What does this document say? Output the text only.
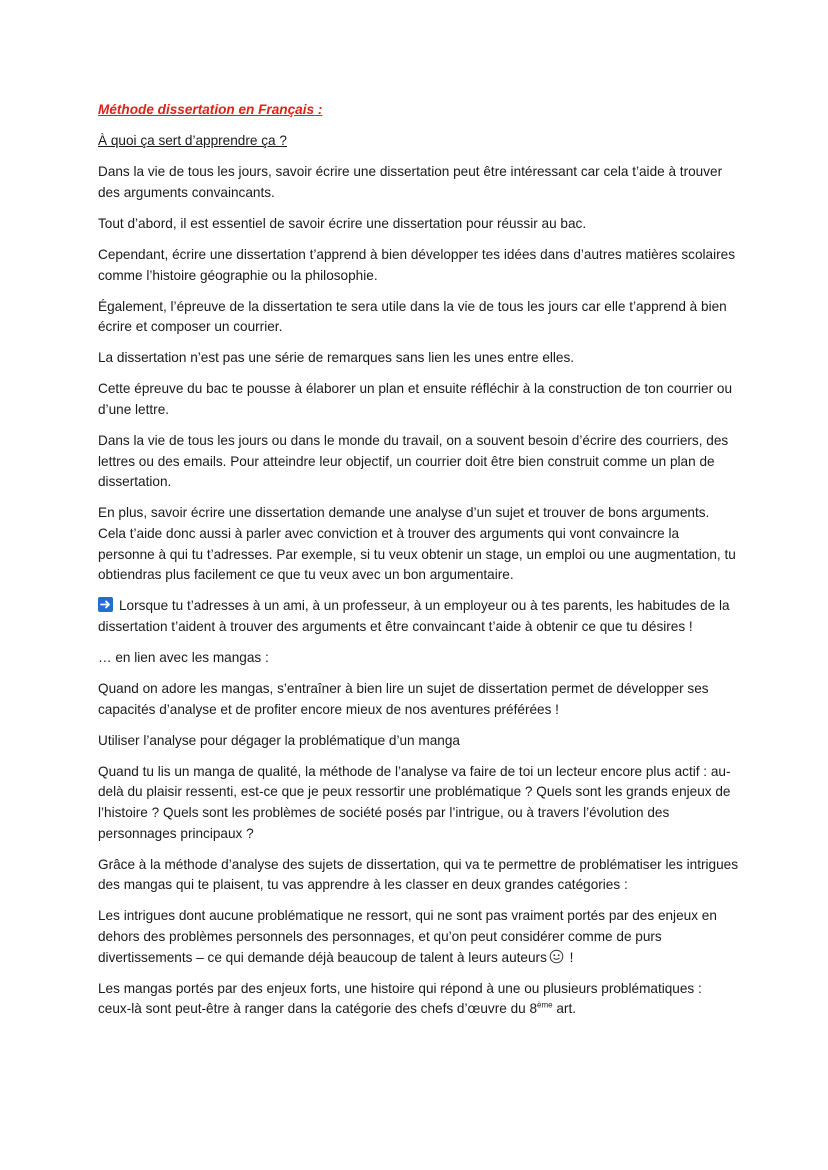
Méthode dissertation en Français :

À quoi ça sert d’apprendre ça ?

Dans la vie de tous les jours, savoir écrire une dissertation peut être intéressant car cela t’aide à trouver des arguments convaincants.

Tout d’abord, il est essentiel de savoir écrire une dissertation pour réussir au bac.

Cependant, écrire une dissertation t’apprend à bien développer tes idées dans d’autres matières scolaires comme l’histoire géographie ou la philosophie.

Également, l’épreuve de la dissertation te sera utile dans la vie de tous les jours car elle t’apprend à bien écrire et composer un courrier.

La dissertation n’est pas une série de remarques sans lien les unes entre elles.

Cette épreuve du bac te pousse à élaborer un plan et ensuite réfléchir à la construction de ton courrier ou d’une lettre.

Dans la vie de tous les jours ou dans le monde du travail, on a souvent besoin d’écrire des courriers, des lettres ou des emails. Pour atteindre leur objectif, un courrier doit être bien construit comme un plan de dissertation.

En plus, savoir écrire une dissertation demande une analyse d’un sujet et trouver de bons arguments. Cela t’aide donc aussi à parler avec conviction et à trouver des arguments qui vont convaincre la personne à qui tu t’adresses. Par exemple, si tu veux obtenir un stage, un emploi ou une augmentation, tu obtiendras plus facilement ce que tu veux avec un bon argumentaire.

Lorsque tu t’adresses à un ami, à un professeur, à un employeur ou à tes parents, les habitudes de la dissertation t’aident à trouver des arguments et être convaincant t’aide à obtenir ce que tu désires !

… en lien avec les mangas :

Quand on adore les mangas, s’entraîner à bien lire un sujet de dissertation permet de développer ses capacités d’analyse et de profiter encore mieux de nos aventures préférées !

Utiliser l’analyse pour dégager la problématique d’un manga

Quand tu lis un manga de qualité, la méthode de l’analyse va faire de toi un lecteur encore plus actif : au-delà du plaisir ressenti, est-ce que je peux ressortir une problématique ? Quels sont les grands enjeux de l’histoire ? Quels sont les problèmes de société posés par l’intrigue, ou à travers l’évolution des personnages principaux ?

Grâce à la méthode d’analyse des sujets de dissertation, qui va te permettre de problématiser les intrigues des mangas qui te plaisent, tu vas apprendre à les classer en deux grandes catégories :

Les intrigues dont aucune problématique ne ressort, qui ne sont pas vraiment portés par des enjeux en dehors des problèmes personnels des personnages, et qu’on peut considérer comme de purs divertissements – ce qui demande déjà beaucoup de talent à leurs auteurs !

Les mangas portés par des enjeux forts, une histoire qui répond à une ou plusieurs problématiques : ceux-là sont peut-être à ranger dans la catégorie des chefs d’œuvre du 8ème art.
